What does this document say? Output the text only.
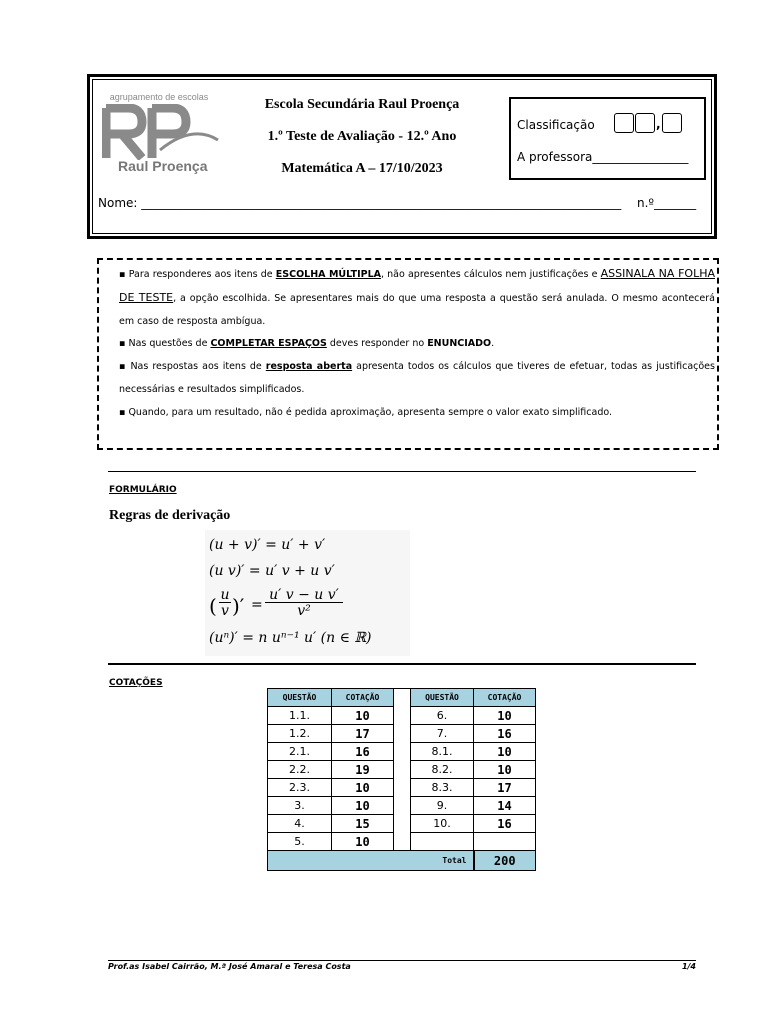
agrupamento de escolas
Raul Proença
Escola Secundária Raul Proença
1.º Teste de Avaliação - 12.º Ano
Matemática A – 17/10/2023
Classificação	,
A professora________________
Nome: ________________________________________________________________________________ n.º_______

▪ Para responderes aos itens de ESCOLHA MÚLTIPLA, não apresentes cálculos nem justificações e ASSINALA NA FOLHA DE TESTE, a opção escolhida. Se apresentares mais do que uma resposta a questão será anulada. O mesmo acontecerá em caso de resposta ambígua.

▪ Nas questões de COMPLETAR ESPAÇOS deves responder no ENUNCIADO.

▪ Nas respostas aos itens de resposta aberta apresenta todos os cálculos que tiveres de efetuar, todas as justificações necessárias e resultados simplificados.

▪ Quando, para um resultado, não é pedida aproximação, apresenta sempre o valor exato simplificado.

FORMULÁRIO
Regras de derivação
(u + v)′ = u′ + v′
(u v)′ = u′ v + u v′
( u
v )′ =
u′ v − u v′
v²
(uⁿ)′ = n uⁿ⁻¹ u′ (n ∈ ℝ)
COTAÇÕES
QUESTÃO	COTAÇÃO		QUESTÃO	COTAÇÃO
1.1.	10		6.	10
1.2.	17		7.	16
2.1.	16		8.1.	10
2.2.	19		8.2.	10
2.3.	10		8.3.	17
3.	10		9.	14
4.	15		10.	16
5.	10			
Total				200
Prof.as Isabel Cairrão, M.ª José Amaral e Teresa Costa	1/4
